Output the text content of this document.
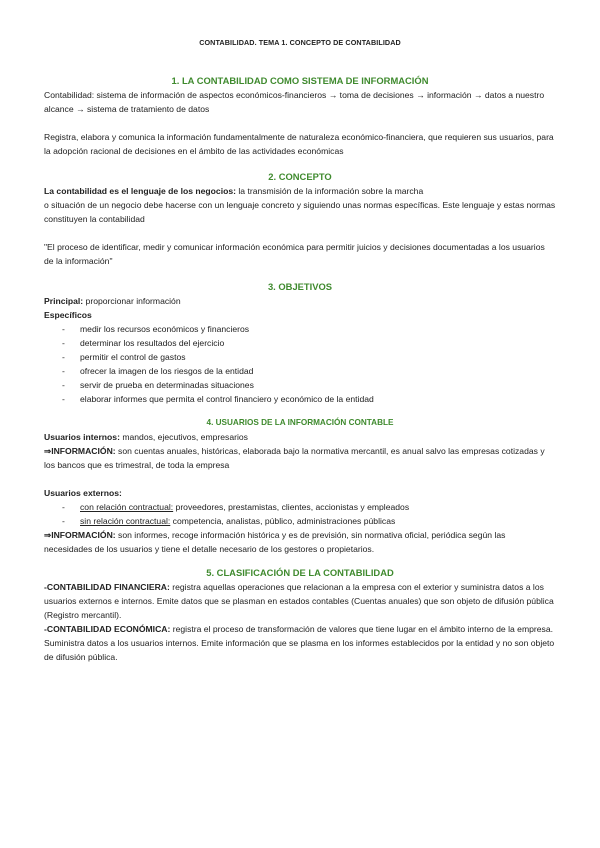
CONTABILIDAD. TEMA 1. CONCEPTO DE CONTABILIDAD

1. LA CONTABILIDAD COMO SISTEMA DE INFORMACIÓN

Contabilidad: sistema de información de aspectos económicos-financieros → toma de decisiones → información → datos a nuestro alcance → sistema de tratamiento de datos

Registra, elabora y comunica la información fundamentalmente de naturaleza económico-financiera, que requieren sus usuarios, para la adopción racional de decisiones en el ámbito de las actividades económicas

2. CONCEPTO

La contabilidad es el lenguaje de los negocios: la transmisión de la información sobre la marcha
o situación de un negocio debe hacerse con un lenguaje concreto y siguiendo unas normas específicas. Este lenguaje y estas normas constituyen la contabilidad

"El proceso de identificar, medir y comunicar información económica para permitir juicios y decisiones documentadas a los usuarios de la información"

3. OBJETIVOS

Principal: proporcionar información

Específicos

- medir los recursos económicos y financieros
- determinar los resultados del ejercicio
- permitir el control de gastos
- ofrecer la imagen de los riesgos de la entidad
- servir de prueba en determinadas situaciones
- elaborar informes que permita el control financiero y económico de la entidad

4. USUARIOS DE LA INFORMACIÓN CONTABLE

Usuarios internos: mandos, ejecutivos, empresarios

⇒INFORMACIÓN: son cuentas anuales, históricas, elaborada bajo la normativa mercantil, es anual salvo las empresas cotizadas y los bancos que es trimestral, de toda la empresa

Usuarios externos:

- con relación contractual: proveedores, prestamistas, clientes, accionistas y empleados
- sin relación contractual: competencia, analistas, público, administraciones públicas

⇒INFORMACIÓN: son informes, recoge información histórica y es de previsión, sin normativa oficial, periódica según las necesidades de los usuarios y tiene el detalle necesario de los gestores o propietarios.

5. CLASIFICACIÓN DE LA CONTABILIDAD

-CONTABILIDAD FINANCIERA: registra aquellas operaciones que relacionan a la empresa con el exterior y suministra datos a los usuarios externos e internos. Emite datos que se plasman en estados contables (Cuentas anuales) que son objeto de difusión pública (Registro mercantil).

-CONTABILIDAD ECONÓMICA: registra el proceso de transformación de valores que tiene lugar en el ámbito interno de la empresa. Suministra datos a los usuarios internos. Emite información que se plasma en los informes establecidos por la entidad y no son objeto de difusión pública.
